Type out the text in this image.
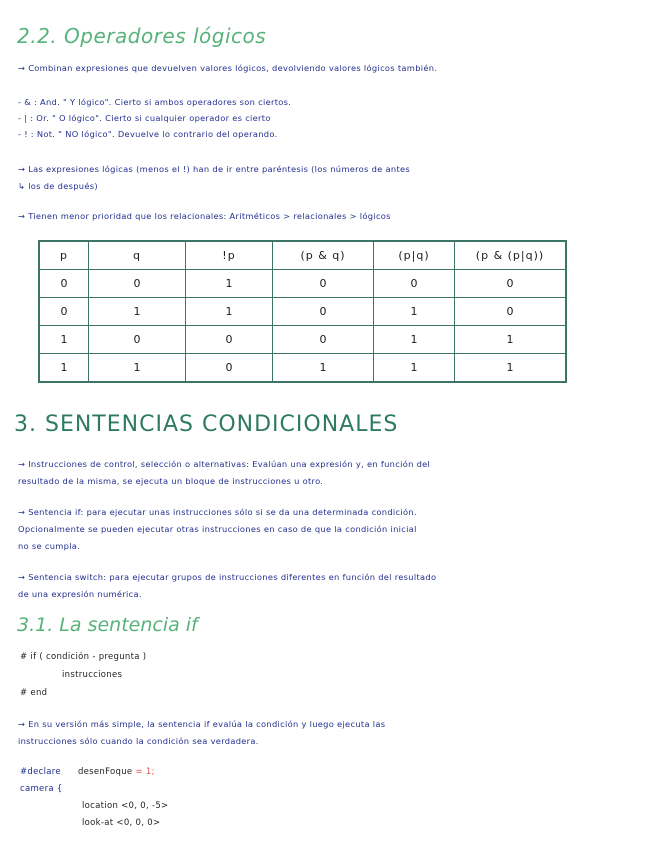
2.2. Operadores lógicos
→ Combinan expresiones que devuelven valores lógicos, devolviendo valores lógicos también.
- & : And. " Y lógico". Cierto si ambos operadores son ciertos.
- | : Or. " O lógico". Cierto si cualquier operador es cierto
- ! : Not. " NO lógico". Devuelve lo contrario del operando.
→ Las expresiones lógicas (menos el !) han de ir entre paréntesis (los números de antes
↳ los de después)
→ Tienen menor prioridad que los relacionales: Aritméticos > relacionales > lógicos
p	q	!p	(p & q)	(p|q)	(p & (p|q))
0	0	1	0	0	0
0	1	1	0	1	0
1	0	0	0	1	1
1	1	0	1	1	1
3. SENTENCIAS CONDICIONALES
→ Instrucciones de control, selección o alternativas: Evalúan una expresión y, en función del
resultado de la misma, se ejecuta un bloque de instrucciones u otro.
→ Sentencia if: para ejecutar unas instrucciones sólo si se da una determinada condición.
Opcionalmente se pueden ejecutar otras instrucciones en caso de que la condición inicial
no se cumpla.
→ Sentencia switch: para ejecutar grupos de instrucciones diferentes en función del resultado
de una expresión numérica.
3.1. La sentencia if
# if ( condición - pregunta )
instrucciones
# end
→ En su versión más simple, la sentencia if evalúa la condición y luego ejecuta las
instrucciones sólo cuando la condición sea verdadera.
#declare desenFoque = 1;
camera {
location <0, 0, -5>
look-at <0, 0, 0>
